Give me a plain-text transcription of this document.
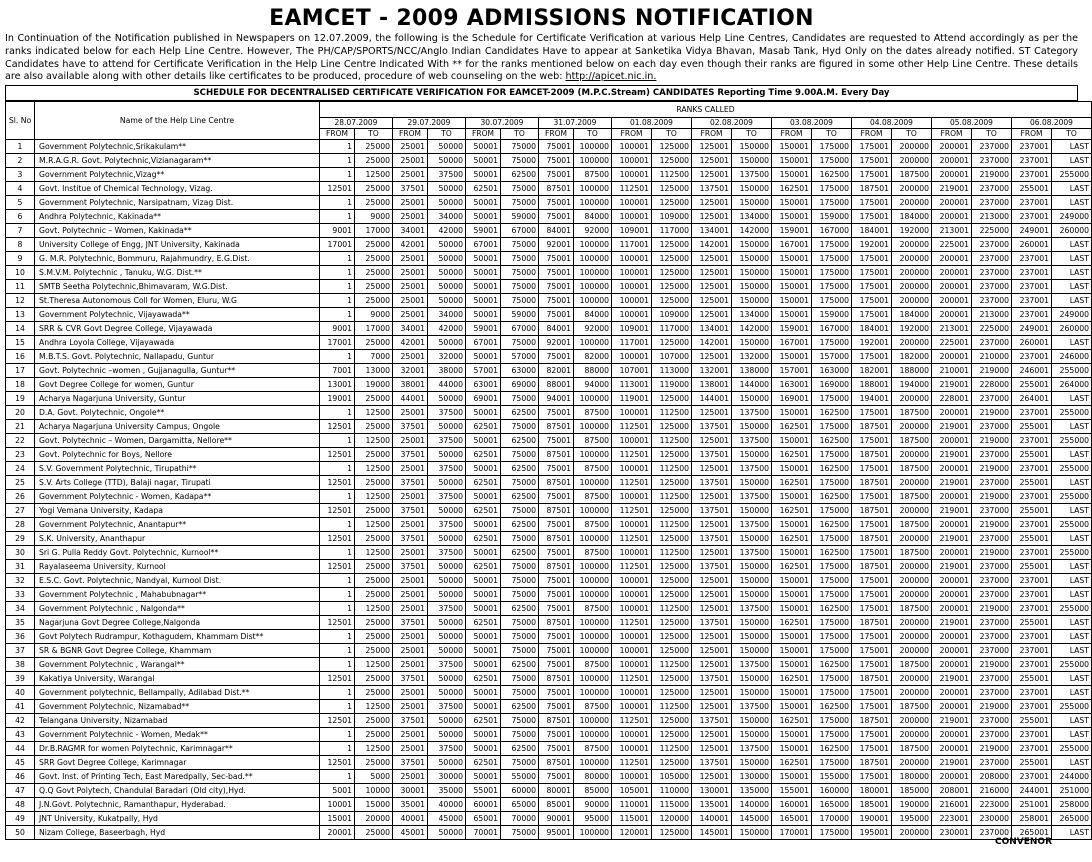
EAMCET - 2009 ADMISSIONS NOTIFICATION
In Continuation of the Notification published in Newspapers on 12.07.2009, the following is the Schedule for Certificate Verification at various Help Line Centres, Candidates are requested to Attend accordingly as per the ranks indicated below for each Help Line Centre. However, The PH/CAP/SPORTS/NCC/Anglo Indian Candidates Have to appear at Sanketika Vidya Bhavan, Masab Tank, Hyd Only on the dates already notified. ST Category Candidates have to attend for Certificate Verification in the Help Line Centre Indicated With ** for the ranks mentioned below on each day even though their ranks are figured in some other Help Line Centre. These details are also available along with other details like certificates to be produced, procedure of web counseling on the web: http://apicet.nic.in.
SCHEDULE FOR DECENTRALISED CERTIFICATE VERIFICATION FOR EAMCET-2009 (M.P.C.Stream) CANDIDATES Reporting Time 9.00A.M. Every Day
Sl. No	Name of the Help Line Centre	RANKS CALLED																			
		28.07.2009		29.07.2009		30.07.2009		31.07.2009		01.08.2009		02.08.2009		03.08.2009		04.08.2009		05.08.2009		06.08.2009	
		FROM	TO	FROM	TO	FROM	TO	FROM	TO	FROM	TO	FROM	TO	FROM	TO	FROM	TO	FROM	TO	FROM	TO
1	Government Polytechnic,Srikakulam**	1	25000	25001	50000	50001	75000	75001	100000	100001	125000	125001	150000	150001	175000	175001	200000	200001	237000	237001	LAST
2	M.R.A.G.R. Govt. Polytechnic,Vizianagaram**	1	25000	25001	50000	50001	75000	75001	100000	100001	125000	125001	150000	150001	175000	175001	200000	200001	237000	237001	LAST
3	Government Polytechnic,Vizag**	1	12500	25001	37500	50001	62500	75001	87500	100001	112500	125001	137500	150001	162500	175001	187500	200001	219000	237001	255000
4	Govt. Institue of Chemical Technology, Vizag.	12501	25000	37501	50000	62501	75000	87501	100000	112501	125000	137501	150000	162501	175000	187501	200000	219001	237000	255001	LAST
5	Government Polytechnic, Narsipatnam, Vizag Dist.	1	25000	25001	50000	50001	75000	75001	100000	100001	125000	125001	150000	150001	175000	175001	200000	200001	237000	237001	LAST
6	Andhra Polytechnic, Kakinada**	1	9000	25001	34000	50001	59000	75001	84000	100001	109000	125001	134000	150001	159000	175001	184000	200001	213000	237001	249000
7	Govt. Polytechnic – Women, Kakinada**	9001	17000	34001	42000	59001	67000	84001	92000	109001	117000	134001	142000	159001	167000	184001	192000	213001	225000	249001	260000
8	University College of Engg, JNT University, Kakinada	17001	25000	42001	50000	67001	75000	92001	100000	117001	125000	142001	150000	167001	175000	192001	200000	225001	237000	260001	LAST
9	G. M.R. Polytechnic, Bommuru, Rajahmundry, E.G.Dist.	1	25000	25001	50000	50001	75000	75001	100000	100001	125000	125001	150000	150001	175000	175001	200000	200001	237000	237001	LAST
10	S.M.V.M. Polytechnic , Tanuku, W.G. Dist.**	1	25000	25001	50000	50001	75000	75001	100000	100001	125000	125001	150000	150001	175000	175001	200000	200001	237000	237001	LAST
11	SMTB Seetha Polytechnic,Bhimavaram, W.G.Dist.	1	25000	25001	50000	50001	75000	75001	100000	100001	125000	125001	150000	150001	175000	175001	200000	200001	237000	237001	LAST
12	St.Theresa Autonomous Coll for Women, Eluru, W.G	1	25000	25001	50000	50001	75000	75001	100000	100001	125000	125001	150000	150001	175000	175001	200000	200001	237000	237001	LAST
13	Government Polytechnic, Vijayawada**	1	9000	25001	34000	50001	59000	75001	84000	100001	109000	125001	134000	150001	159000	175001	184000	200001	213000	237001	249000
14	SRR & CVR Govt Degree College, Vijayawada	9001	17000	34001	42000	59001	67000	84001	92000	109001	117000	134001	142000	159001	167000	184001	192000	213001	225000	249001	260000
15	Andhra Loyola College, Vijayawada	17001	25000	42001	50000	67001	75000	92001	100000	117001	125000	142001	150000	167001	175000	192001	200000	225001	237000	260001	LAST
16	M.B.T.S. Govt. Polytechnic, Nallapadu, Guntur	1	7000	25001	32000	50001	57000	75001	82000	100001	107000	125001	132000	150001	157000	175001	182000	200001	210000	237001	246000
17	Govt. Polytechnic –women , Gujjanagulla, Guntur**	7001	13000	32001	38000	57001	63000	82001	88000	107001	113000	132001	138000	157001	163000	182001	188000	210001	219000	246001	255000
18	Govt Degree College for women, Guntur	13001	19000	38001	44000	63001	69000	88001	94000	113001	119000	138001	144000	163001	169000	188001	194000	219001	228000	255001	264000
19	Acharya Nagarjuna University, Guntur	19001	25000	44001	50000	69001	75000	94001	100000	119001	125000	144001	150000	169001	175000	194001	200000	228001	237000	264001	LAST
20	D.A. Govt. Polytechnic, Ongole**	1	12500	25001	37500	50001	62500	75001	87500	100001	112500	125001	137500	150001	162500	175001	187500	200001	219000	237001	255000
21	Acharya Nagarjuna University Campus, Ongole	12501	25000	37501	50000	62501	75000	87501	100000	112501	125000	137501	150000	162501	175000	187501	200000	219001	237000	255001	LAST
22	Govt. Polytechnic – Women, Dargamitta, Nellore**	1	12500	25001	37500	50001	62500	75001	87500	100001	112500	125001	137500	150001	162500	175001	187500	200001	219000	237001	255000
23	Govt. Polytechnic for Boys, Nellore	12501	25000	37501	50000	62501	75000	87501	100000	112501	125000	137501	150000	162501	175000	187501	200000	219001	237000	255001	LAST
24	S.V. Government Polytechnic, Tirupathi**	1	12500	25001	37500	50001	62500	75001	87500	100001	112500	125001	137500	150001	162500	175001	187500	200001	219000	237001	255000
25	S.V. Arts College (TTD), Balaji nagar, Tirupati	12501	25000	37501	50000	62501	75000	87501	100000	112501	125000	137501	150000	162501	175000	187501	200000	219001	237000	255001	LAST
26	Government Polytechnic - Women, Kadapa**	1	12500	25001	37500	50001	62500	75001	87500	100001	112500	125001	137500	150001	162500	175001	187500	200001	219000	237001	255000
27	Yogi Vemana University, Kadapa	12501	25000	37501	50000	62501	75000	87501	100000	112501	125000	137501	150000	162501	175000	187501	200000	219001	237000	255001	LAST
28	Government Polytechnic, Anantapur**	1	12500	25001	37500	50001	62500	75001	87500	100001	112500	125001	137500	150001	162500	175001	187500	200001	219000	237001	255000
29	S.K. University, Ananthapur	12501	25000	37501	50000	62501	75000	87501	100000	112501	125000	137501	150000	162501	175000	187501	200000	219001	237000	255001	LAST
30	Sri G. Pulla Reddy Govt. Polytechnic, Kurnool**	1	12500	25001	37500	50001	62500	75001	87500	100001	112500	125001	137500	150001	162500	175001	187500	200001	219000	237001	255000
31	Rayalaseema University, Kurnool	12501	25000	37501	50000	62501	75000	87501	100000	112501	125000	137501	150000	162501	175000	187501	200000	219001	237000	255001	LAST
32	E.S.C. Govt. Polytechnic, Nandyal, Kurnool Dist.	1	25000	25001	50000	50001	75000	75001	100000	100001	125000	125001	150000	150001	175000	175001	200000	200001	237000	237001	LAST
33	Government Polytechnic , Mahabubnagar**	1	25000	25001	50000	50001	75000	75001	100000	100001	125000	125001	150000	150001	175000	175001	200000	200001	237000	237001	LAST
34	Government Polytechnic , Nalgonda**	1	12500	25001	37500	50001	62500	75001	87500	100001	112500	125001	137500	150001	162500	175001	187500	200001	219000	237001	255000
35	Nagarjuna Govt Degree College,Nalgonda	12501	25000	37501	50000	62501	75000	87501	100000	112501	125000	137501	150000	162501	175000	187501	200000	219001	237000	255001	LAST
36	Govt Polytech Rudrampur, Kothagudem, Khammam Dist**	1	25000	25001	50000	50001	75000	75001	100000	100001	125000	125001	150000	150001	175000	175001	200000	200001	237000	237001	LAST
37	SR & BGNR Govt Degree College, Khammam	1	25000	25001	50000	50001	75000	75001	100000	100001	125000	125001	150000	150001	175000	175001	200000	200001	237000	237001	LAST
38	Government Polytechnic , Warangal**	1	12500	25001	37500	50001	62500	75001	87500	100001	112500	125001	137500	150001	162500	175001	187500	200001	219000	237001	255000
39	Kakatiya University, Warangal	12501	25000	37501	50000	62501	75000	87501	100000	112501	125000	137501	150000	162501	175000	187501	200000	219001	237000	255001	LAST
40	Government polytechnic, Bellampally, Adilabad Dist.**	1	25000	25001	50000	50001	75000	75001	100000	100001	125000	125001	150000	150001	175000	175001	200000	200001	237000	237001	LAST
41	Government Polytechnic, Nizamabad**	1	12500	25001	37500	50001	62500	75001	87500	100001	112500	125001	137500	150001	162500	175001	187500	200001	219000	237001	255000
42	Telangana University, Nizamabad	12501	25000	37501	50000	62501	75000	87501	100000	112501	125000	137501	150000	162501	175000	187501	200000	219001	237000	255001	LAST
43	Government Polytechnic - Women, Medak**	1	25000	25001	50000	50001	75000	75001	100000	100001	125000	125001	150000	150001	175000	175001	200000	200001	237000	237001	LAST
44	Dr.B.RAGMR for women Polytechnic, Karimnagar**	1	12500	25001	37500	50001	62500	75001	87500	100001	112500	125001	137500	150001	162500	175001	187500	200001	219000	237001	255000
45	SRR Govt Degree College, Karimnagar	12501	25000	37501	50000	62501	75000	87501	100000	112501	125000	137501	150000	162501	175000	187501	200000	219001	237000	255001	LAST
46	Govt. Inst. of Printing Tech, East Maredpally, Sec-bad.**	1	5000	25001	30000	50001	55000	75001	80000	100001	105000	125001	130000	150001	155000	175001	180000	200001	208000	237001	244000
47	Q.Q Govt Polytech, Chandulal Baradari (Old city),Hyd.	5001	10000	30001	35000	55001	60000	80001	85000	105001	110000	130001	135000	155001	160000	180001	185000	208001	216000	244001	251000
48	J.N.Govt. Polytechnic, Ramanthapur, Hyderabad.	10001	15000	35001	40000	60001	65000	85001	90000	110001	115000	135001	140000	160001	165000	185001	190000	216001	223000	251001	258000
49	JNT University, Kukatpally, Hyd	15001	20000	40001	45000	65001	70000	90001	95000	115001	120000	140001	145000	165001	170000	190001	195000	223001	230000	258001	265000
50	Nizam College, Baseerbagh, Hyd	20001	25000	45001	50000	70001	75000	95001	100000	120001	125000	145001	150000	170001	175000	195001	200000	230001	237000	265001	LAST
CONVENOR
